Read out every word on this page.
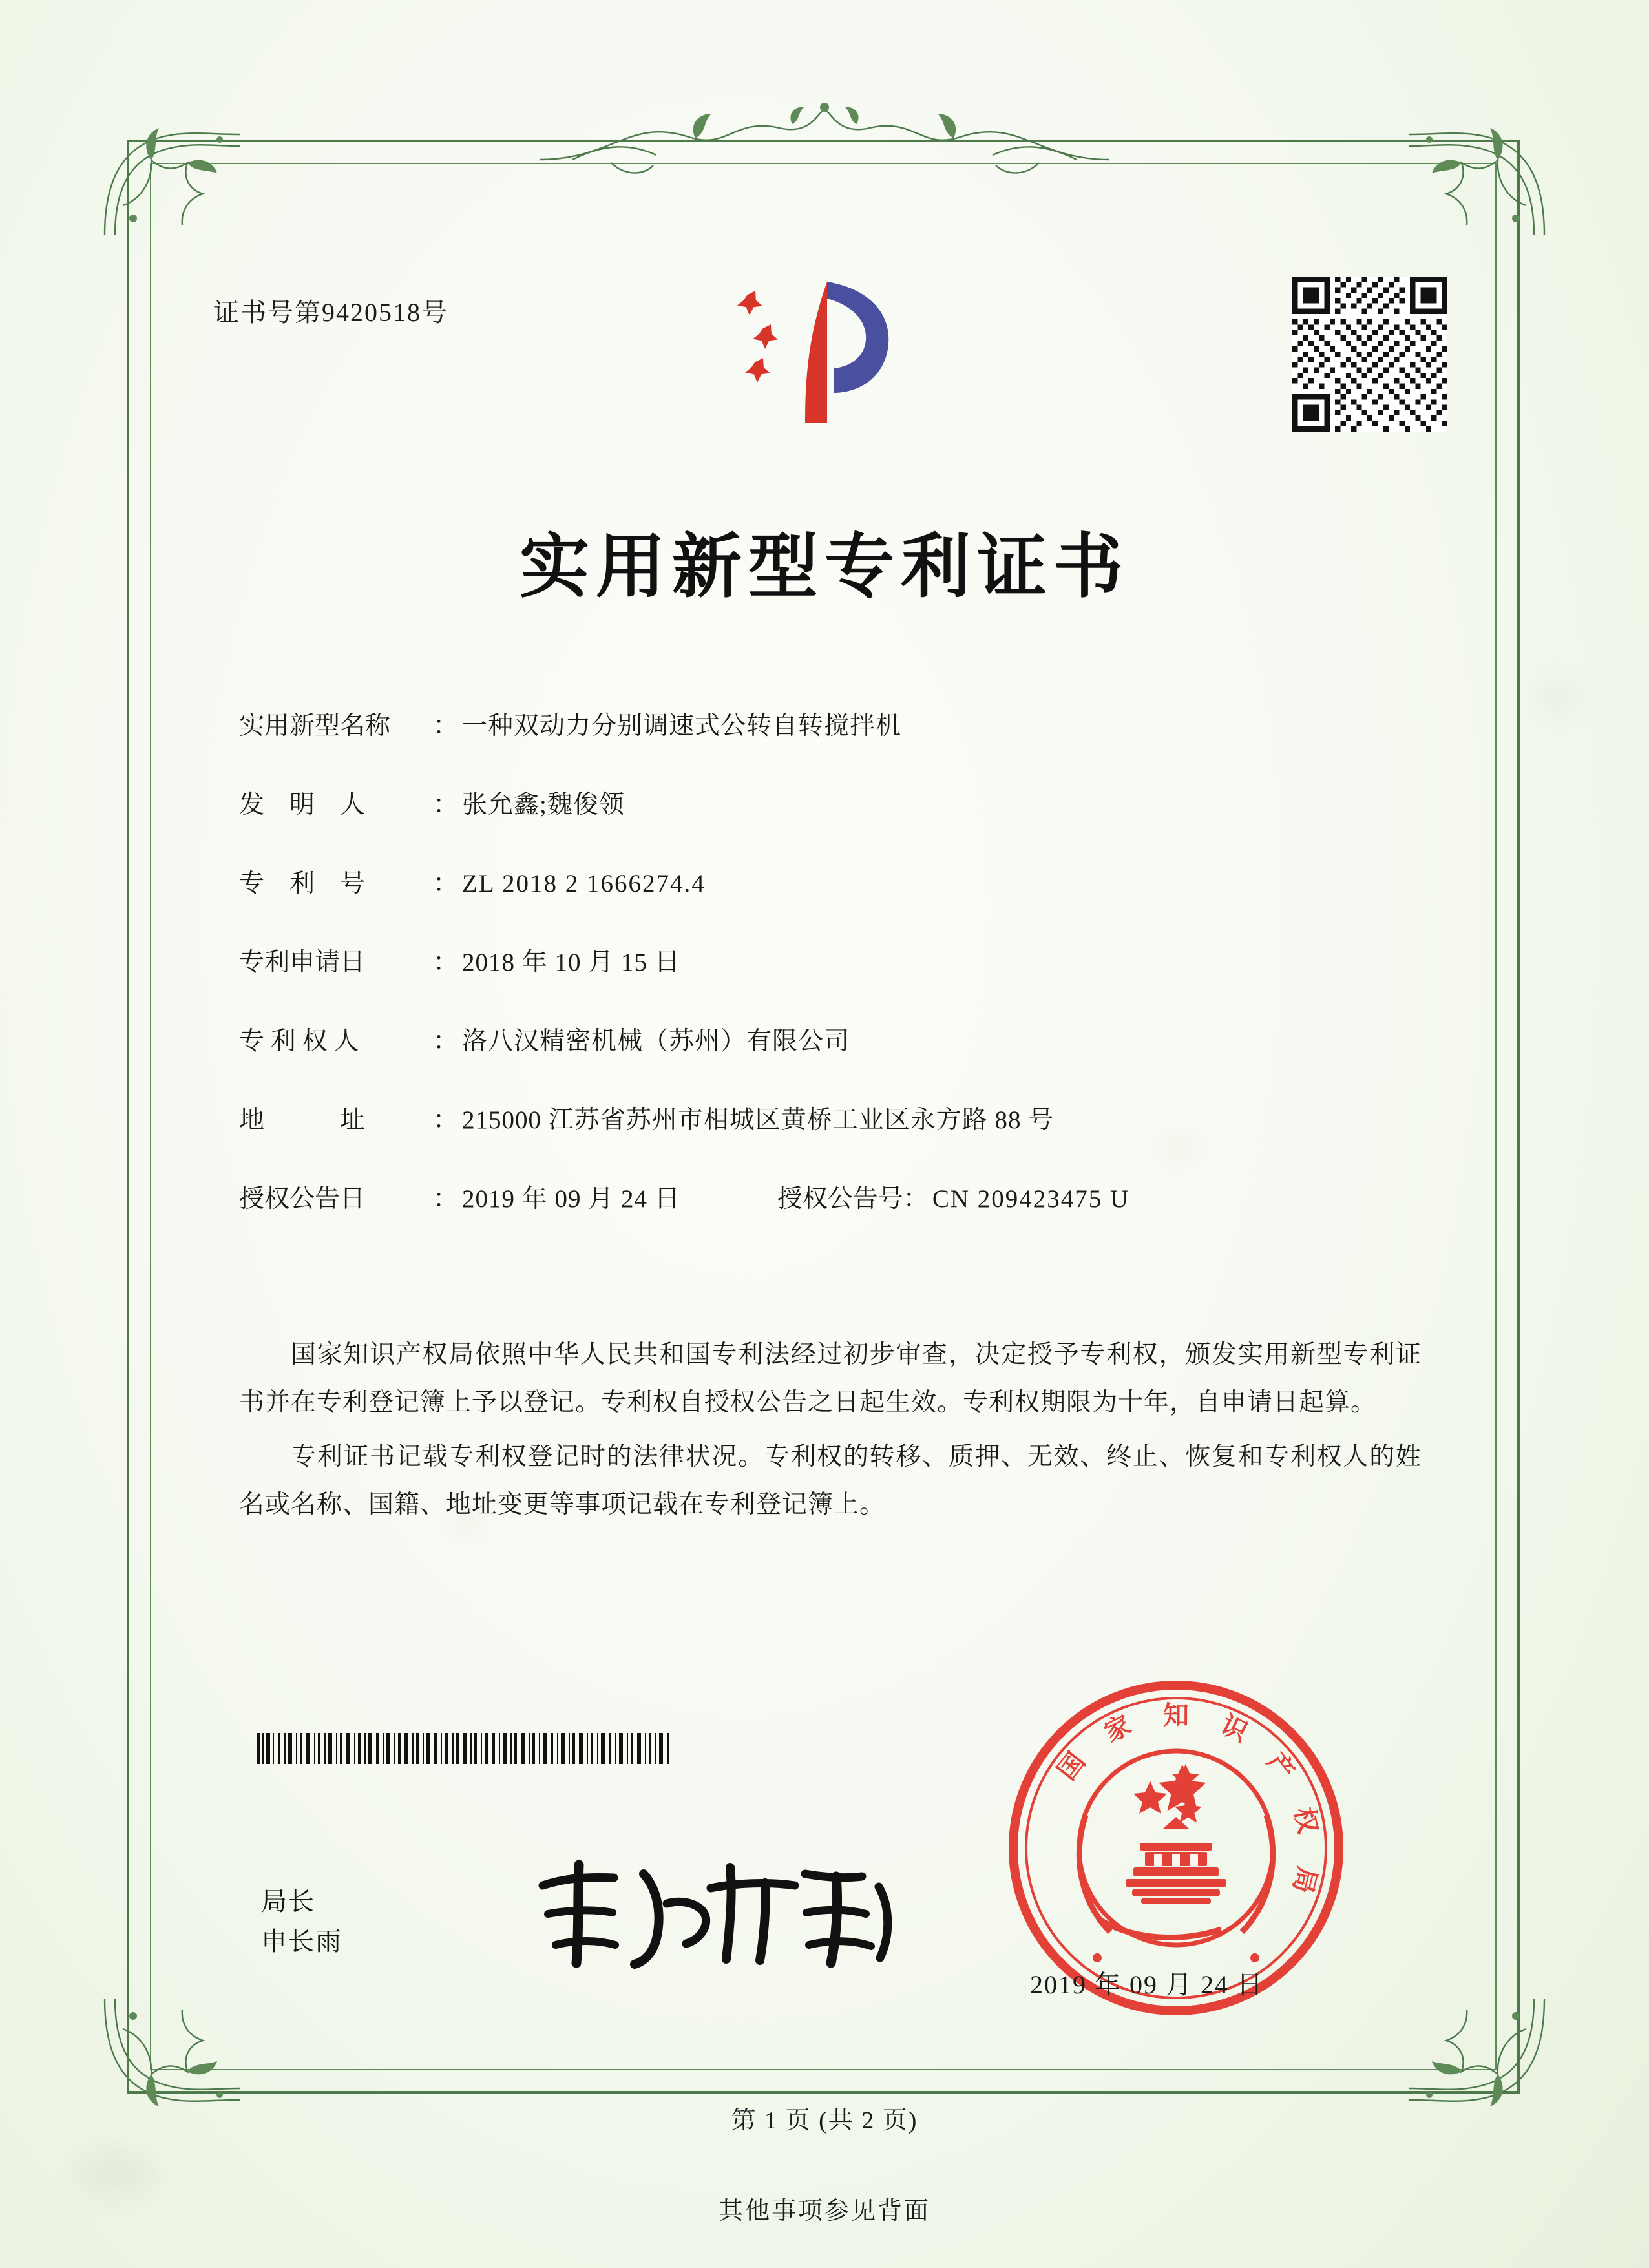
证书号第9420518号
实用新型专利证书
实用新型名称	： 一种双动力分别调速式公转自转搅拌机
发　明　人	： 张允鑫;魏俊领
专　利　号	： ZL 2018 2 1666274.4
专利申请日	： 2018 年 10 月 15 日
专 利 权 人	： 洛八汉精密机械（苏州）有限公司
地　　　址	： 215000 江苏省苏州市相城区黄桥工业区永方路 88 号
授权公告日	： 2019 年 09 月 24 日	授权公告号 ： CN 209423475 U

国家知识产权局依照中华人民共和国专利法经过初步审查，决定授予专利权，颁发实用新型专利证书并在专利登记簿上予以登记。专利权自授权公告之日起生效。专利权期限为十年，自申请日起算。

专利证书记载专利权登记时的法律状况。专利权的转移、质押、无效、终止、恢复和专利权人的姓名或名称、国籍、地址变更等事项记载在专利登记簿上。

局长
申长雨
国
家 知 识
产
权
局
2019 年 09 月 24 日
第 1 页 (共 2 页)
其他事项参见背面
